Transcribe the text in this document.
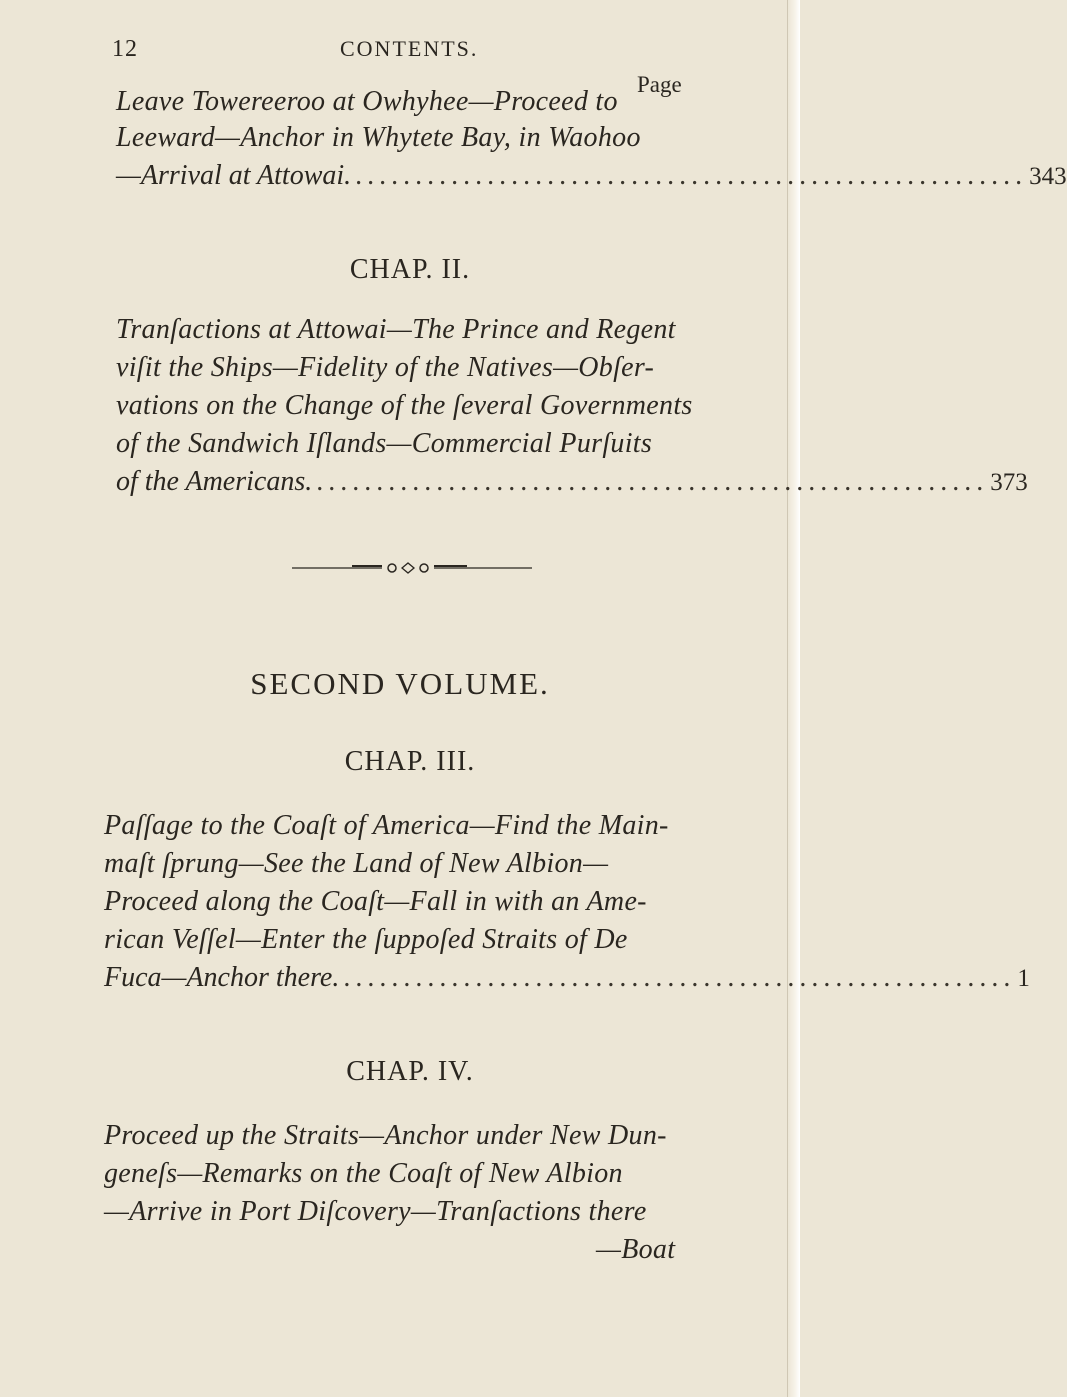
12	CONTENTS.
Page
Leave Towereeroo at Owhyhee—Proceed to
Leeward—Anchor in Whytete Bay, in Waohoo
—Arrival at Attowai. ........................................................ 343
CHAP. II.
Tranſactions at Attowai—The Prince and Regent
viſit the Ships—Fidelity of the Natives—Obſer-
vations on the Change of the ſeveral Governments
of the Sandwich Iſlands—Commercial Purſuits
of the Americans. ........................................................ 373
SECOND VOLUME.
CHAP. III.
Paſſage to the Coaſt of America—Find the Main-
maſt ſprung—See the Land of New Albion—
Proceed along the Coaſt—Fall in with an Ame-
rican Veſſel—Enter the ſuppoſed Straits of De
Fuca—Anchor there. ........................................................ 1
CHAP. IV.
Proceed up the Straits—Anchor under New Dun-
geneſs—Remarks on the Coaſt of New Albion
—Arrive in Port Diſcovery—Tranſactions there
—Boat
